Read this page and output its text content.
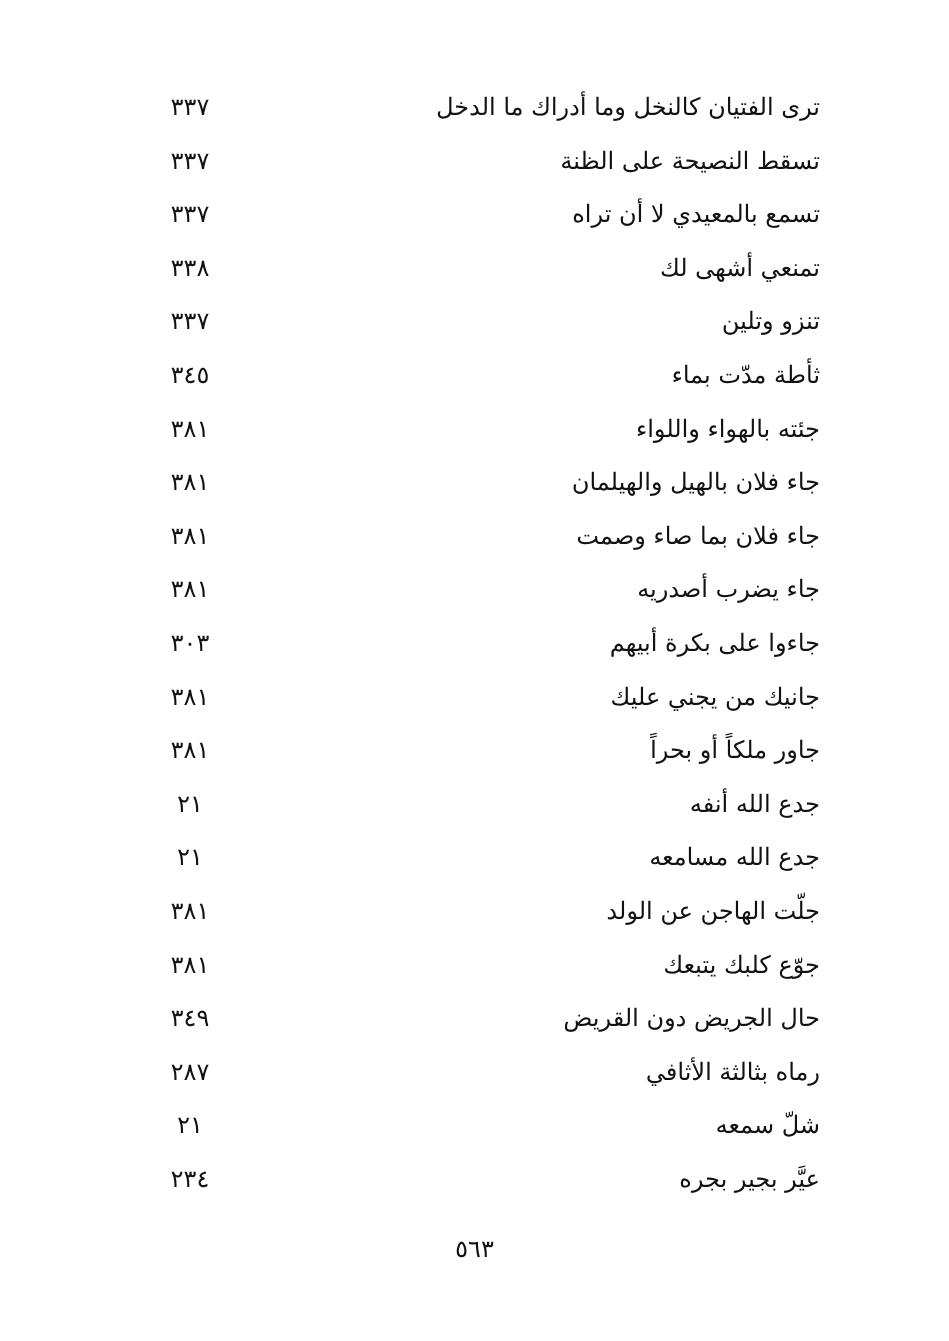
ترى الفتيان كالنخل وما أدراك ما الدخل
٣٣٧
تسقط النصيحة على الظنة
٣٣٧
تسمع بالمعيدي لا أن تراه
٣٣٧
تمنعي أشهى لك
٣٣٨
تنزو وتلين
٣٣٧
ثأطة مدّت بماء
٣٤٥
جئته بالهواء واللواء
٣٨١
جاء فلان بالهيل والهيلمان
٣٨١
جاء فلان بما صاء وصمت
٣٨١
جاء يضرب أصدريه
٣٨١
جاءوا على بكرة أبيهم
٣٠٣
جانيك من يجني عليك
٣٨١
جاور ملكاً أو بحراً
٣٨١
جدع الله أنفه
٢١
جدع الله مسامعه
٢١
جلّت الهاجن عن الولد
٣٨١
جوّع كلبك يتبعك
٣٨١
حال الجريض دون القريض
٣٤٩
رماه بثالثة الأثافي
٢٨٧
شلّ سمعه
٢١
عيَّر بجير بجره
٢٣٤
٥٦٣
